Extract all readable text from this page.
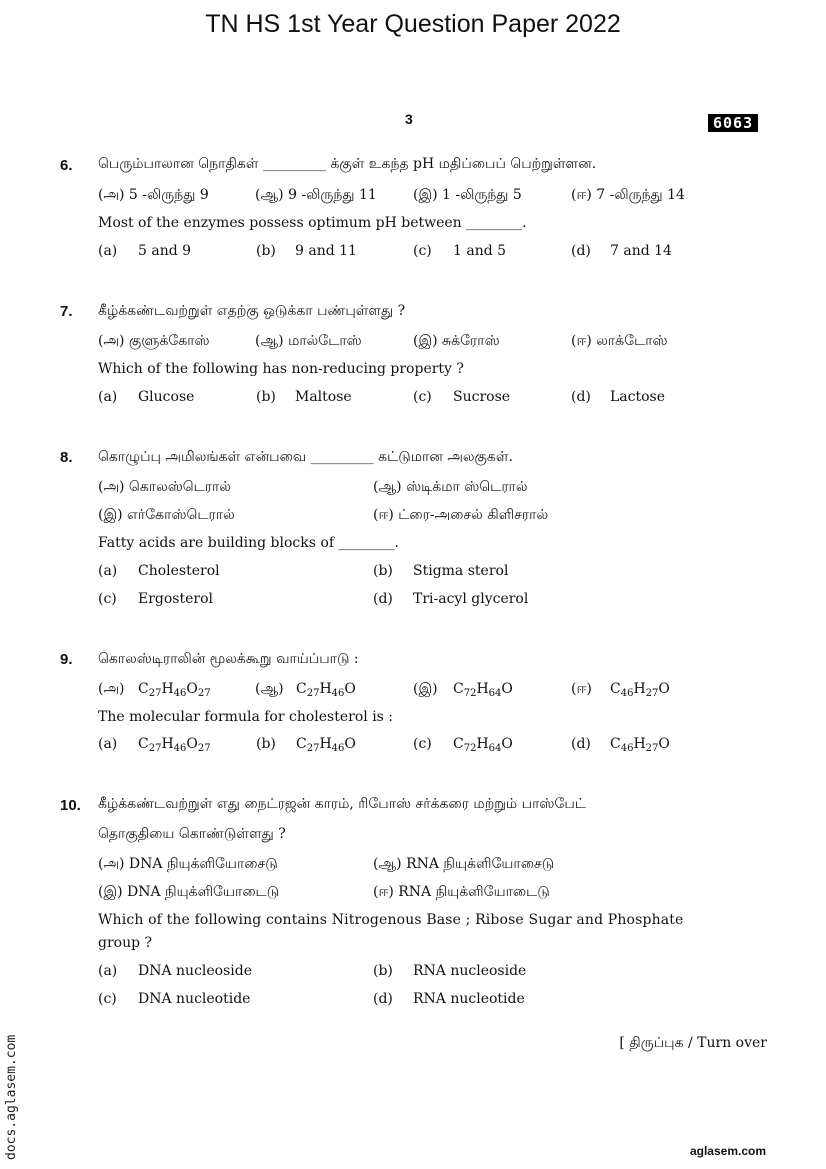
TN HS 1st Year Question Paper 2022
3	6063
6. பெரும்பாலான நொதிகள் _________ க்குள் உகந்த pH மதிப்பைப் பெற்றுள்ளன.
(அ) 5 -லிருந்து 9	(ஆ) 9 -லிருந்து 11	(இ) 1 -லிருந்து 5	(ஈ) 7 -லிருந்து 14
Most of the enzymes possess optimum pH between ________.
(a) 5 and 9	(b) 9 and 11	(c) 1 and 5	(d) 7 and 14
7. கீழ்க்கண்டவற்றுள் எதற்கு ஒடுக்கா பண்புள்ளது ?
(அ) குளுக்கோஸ்	(ஆ) மால்டோஸ்	(இ) சுக்ரோஸ்	(ஈ) லாக்டோஸ்
Which of the following has non-reducing property ?
(a) Glucose	(b) Maltose	(c) Sucrose	(d) Lactose
8. கொழுப்பு அமிலங்கள் என்பவை _________ கட்டுமான அலகுகள்.
(அ) கொலஸ்டெரால்	(ஆ) ஸ்டிக்மா ஸ்டெரால்
(இ) எர்கோஸ்டெரால்	(ஈ) ட்ரை-அசைல் கிளிசரால்
Fatty acids are building blocks of ________.
(a) Cholesterol	(b) Stigma sterol
(c) Ergosterol	(d) Tri-acyl glycerol
9. கொலஸ்டிராலின் மூலக்கூறு வாய்ப்பாடு :
(அ) $C_{27}H_{46}O_{27}$	(ஆ) $C_{27}H_{46}O$	(இ) $C_{72}H_{64}O$	(ஈ) $C_{46}H_{27}O$
The molecular formula for cholesterol is :
(a) $C_{27}H_{46}O_{27}$	(b) $C_{27}H_{46}O$	(c) $C_{72}H_{64}O$	(d) $C_{46}H_{27}O$
10. கீழ்க்கண்டவற்றுள் எது நைட்ரஜன் காரம், ரிபோஸ் சர்க்கரை மற்றும் பாஸ்பேட்
தொகுதியை கொண்டுள்ளது ?
(அ) DNA நியுக்ளியோசைடு	(ஆ) RNA நியுக்ளியோசைடு
(இ) DNA நியுக்ளியோடைடு	(ஈ) RNA நியுக்ளியோடைடு
Which of the following contains Nitrogenous Base ; Ribose Sugar and Phosphate
group ?
(a) DNA nucleoside	(b) RNA nucleoside
(c) DNA nucleotide	(d) RNA nucleotide
[ திருப்புக / Turn over
docs.aglasem.com	aglasem.com
